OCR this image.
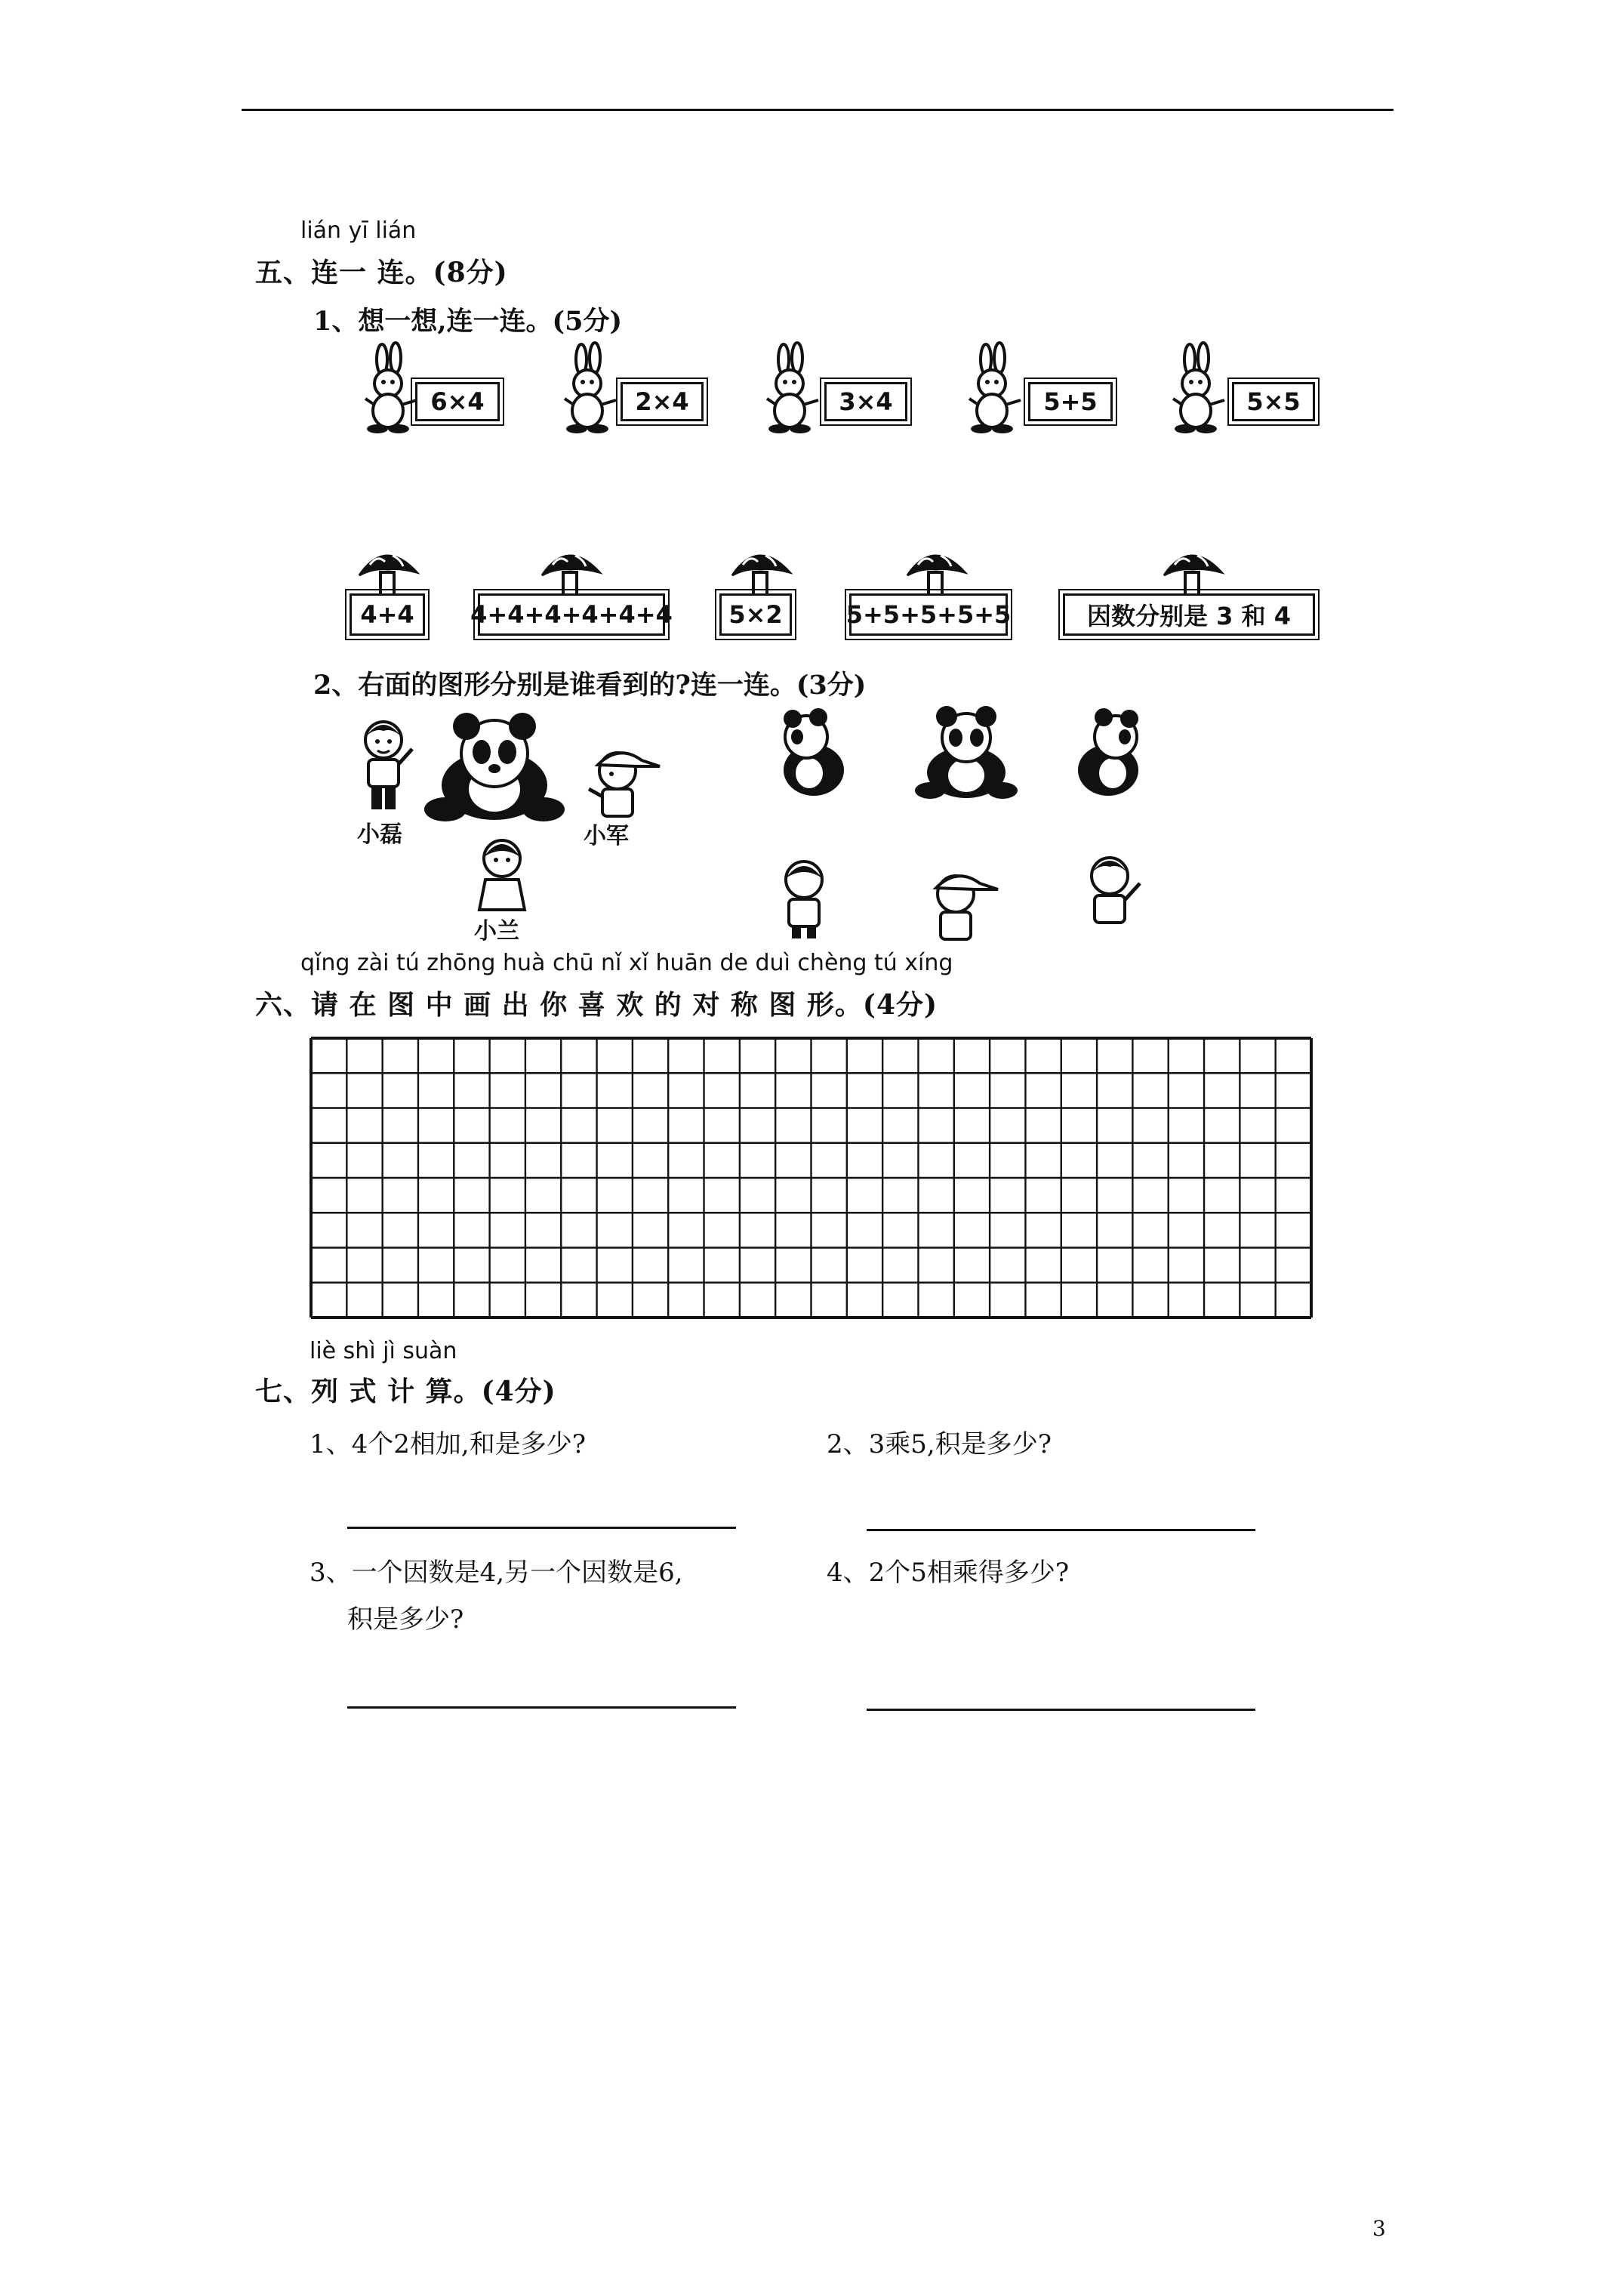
lián yī lián
五、连一 连。(8分)
1、想一想,连一连。(5分)
6×4	2×4	3×4	5+5	5×5
4+4	4+4+4+4+4+4	5×2	5+5+5+5+5	因数分别是 3 和 4
2、右面的图形分别是谁看到的?连一连。(3分)
小磊	小军
小兰
qǐng zài tú zhōng huà chū nǐ xǐ huān de duì chèng tú xíng
六、请 在 图 中 画 出 你 喜 欢 的 对 称 图 形。(4分)
liè shì jì suàn
七、列 式 计 算。(4分)
1、4个2相加,和是多少?	2、3乘5,积是多少?
3、一个因数是4,另一个因数是6,
积是多少?
4、2个5相乘得多少?
3
